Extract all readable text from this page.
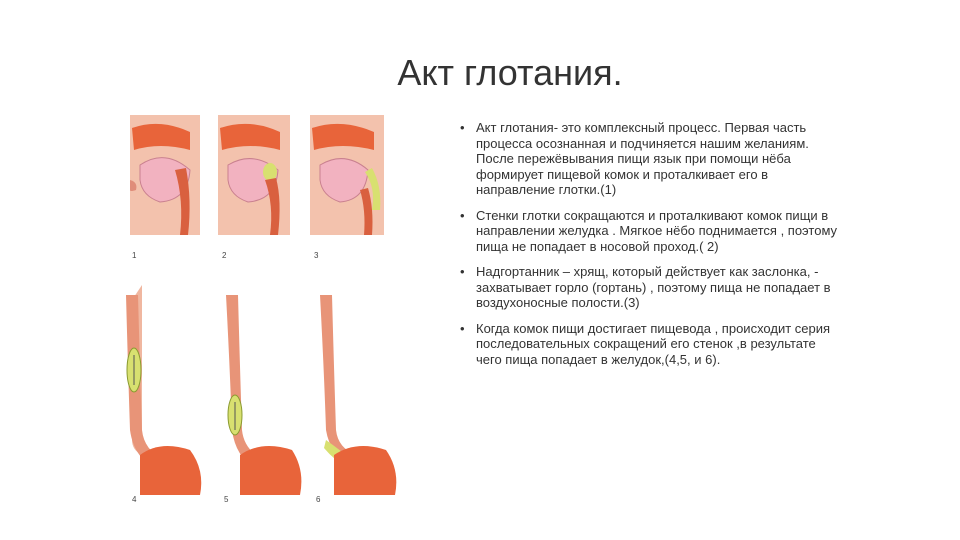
Акт глотания.
1	2	3
4	5	6
• Акт глотания- это комплексный процесс. Первая часть процесса осознанная и подчиняется нашим желаниям. После пережёвывания пищи язык при помощи нёба формирует пищевой комок и проталкивает его в направление глотки.(1)
• Стенки глотки сокращаются и проталкивают комок пищи в направлении желудка . Мягкое нёбо поднимается , поэтому пища не попадает в носовой проход.( 2)
• Надгортанник – хрящ, который действует как заслонка, - захватывает горло (гортань) , поэтому пища не попадает в воздухоносные полости.(3)
• Когда комок пищи достигает пищевода , происходит серия последовательных сокращений его стенок ,в результате чего пища попадает в желудок,(4,5, и 6).
